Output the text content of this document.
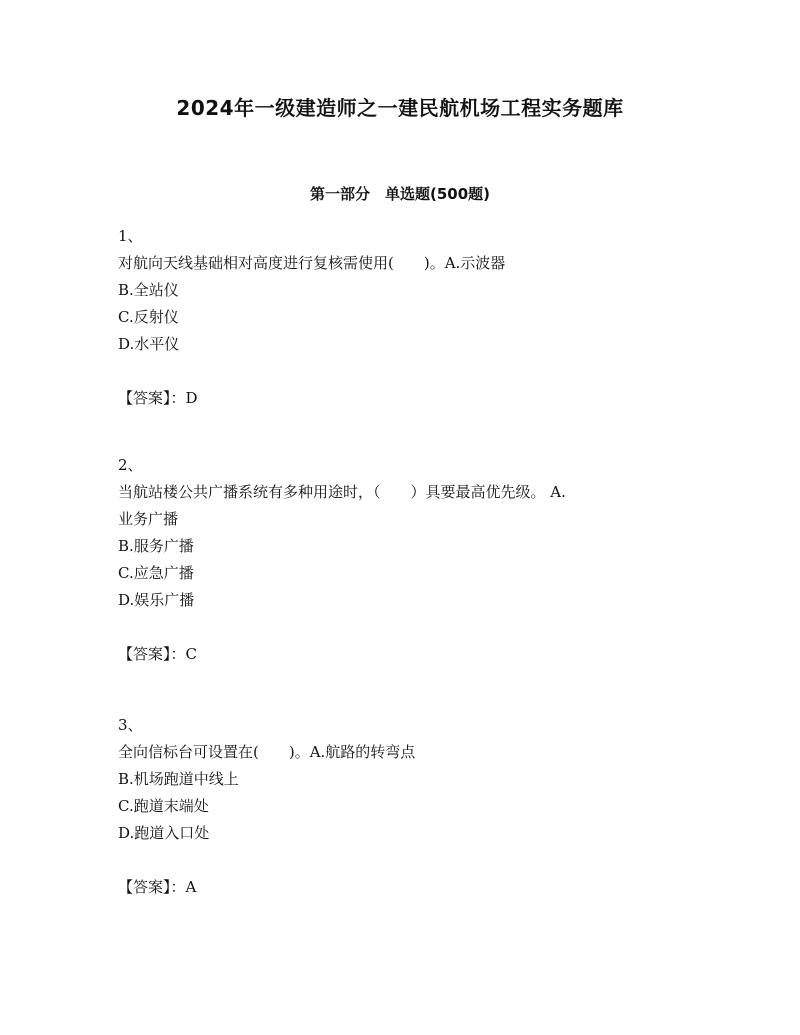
2024年一级建造师之一建民航机场工程实务题库
第一部分　单选题(500题)
1、
对航向天线基础相对高度进行复核需使用(　　)。A.示波器
B.全站仪
C.反射仪
D.水平仪
【答案】：D
2、
当航站楼公共广播系统有多种用途时，（　　）具要最高优先级。 A.
业务广播
B.服务广播
C.应急广播
D.娱乐广播
【答案】：C
3、
全向信标台可设置在(　　)。A.航路的转弯点
B.机场跑道中线上
C.跑道末端处
D.跑道入口处
【答案】：A
